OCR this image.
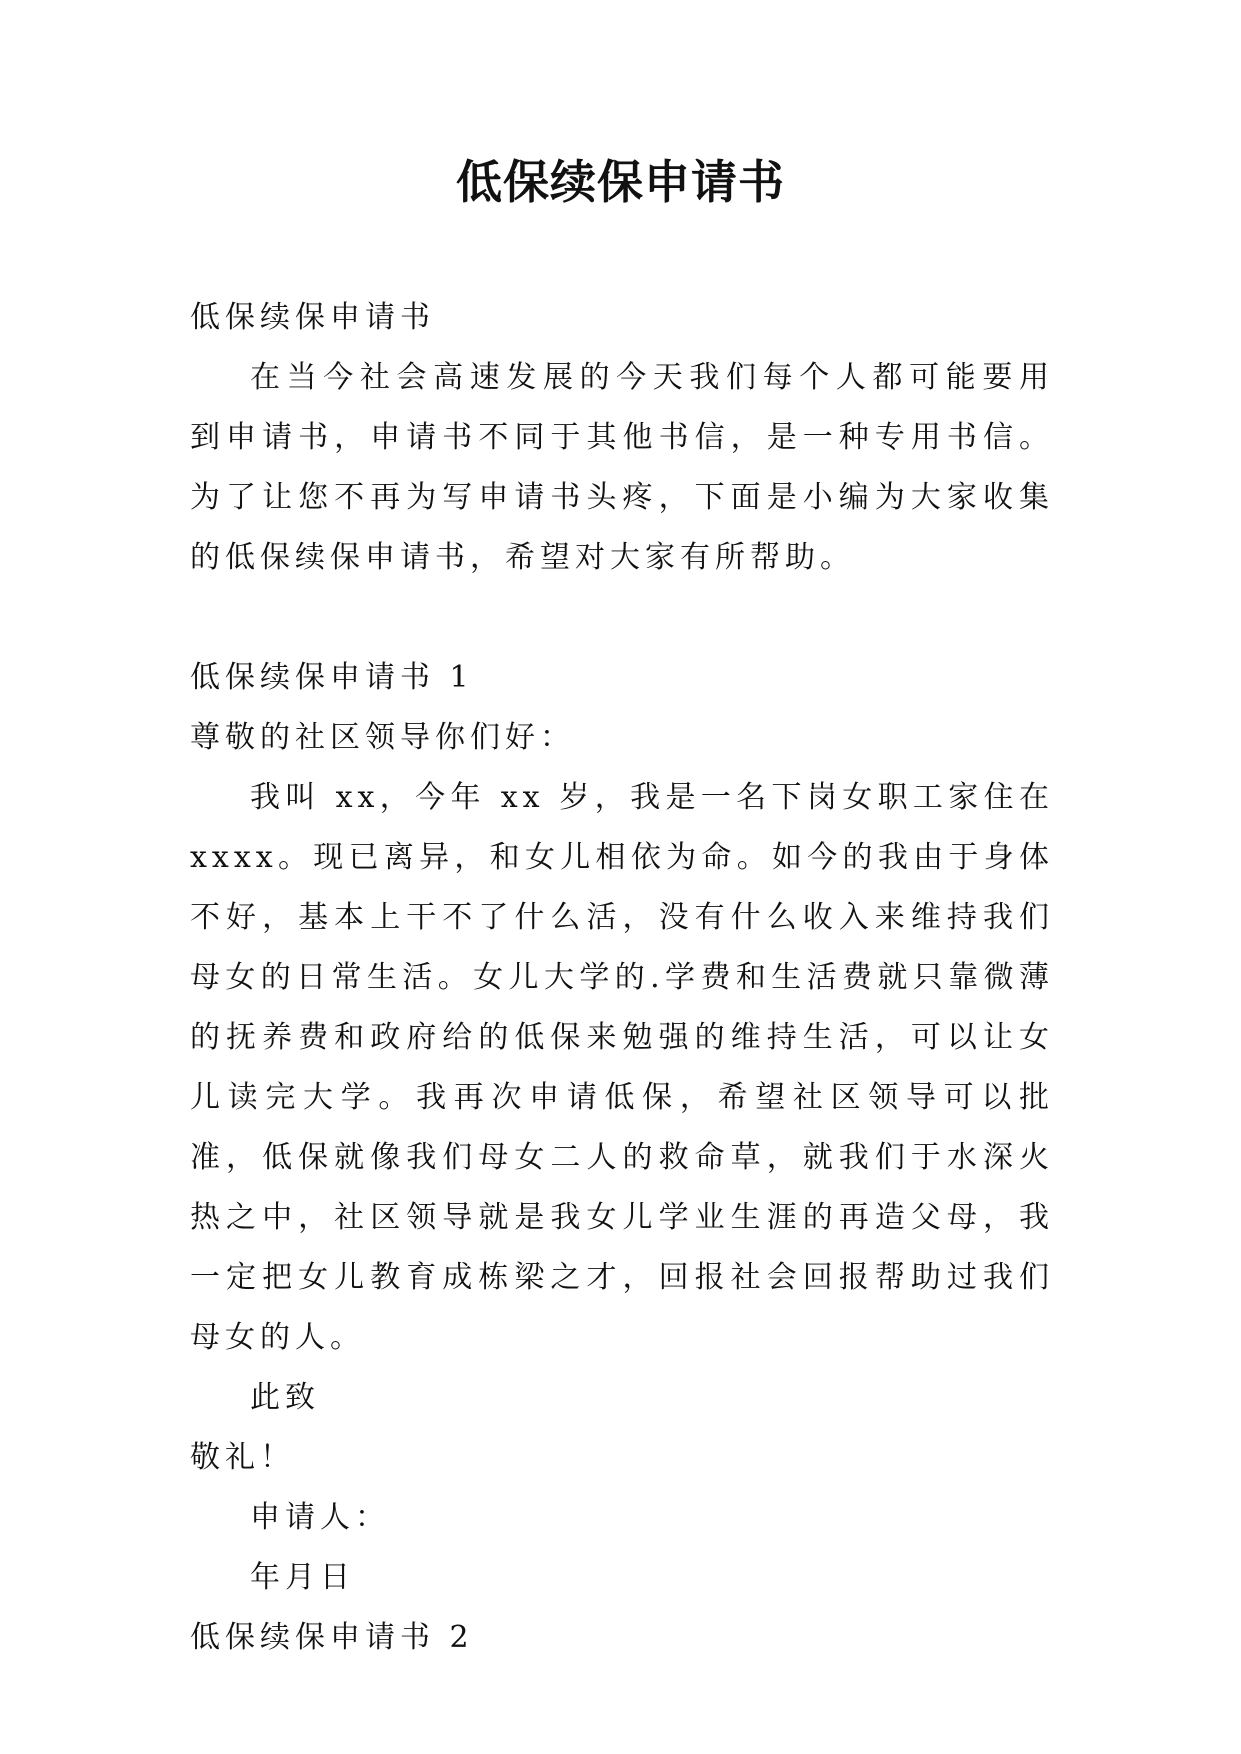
低保续保申请书

低保续保申请书

在当今社会高速发展的今天我们每个人都可能要用到申请书，申请书不同于其他书信，是一种专用书信。为了让您不再为写申请书头疼，下面是小编为大家收集的低保续保申请书，希望对大家有所帮助。

低保续保申请书 1

尊敬的社区领导你们好：

我叫 xx，今年 xx 岁，我是一名下岗女职工家住在 xxxx。现已离异，和女儿相依为命。如今的我由于身体不好，基本上干不了什么活，没有什么收入来维持我们母女的日常生活。女儿大学的.学费和生活费就只靠微薄的抚养费和政府给的低保来勉强的维持生活，可以让女儿读完大学。我再次申请低保，希望社区领导可以批准，低保就像我们母女二人的救命草，就我们于水深火热之中，社区领导就是我女儿学业生涯的再造父母，我一定把女儿教育成栋梁之才，回报社会回报帮助过我们母女的人。

此致

敬礼！

申请人：

年月日

低保续保申请书 2
